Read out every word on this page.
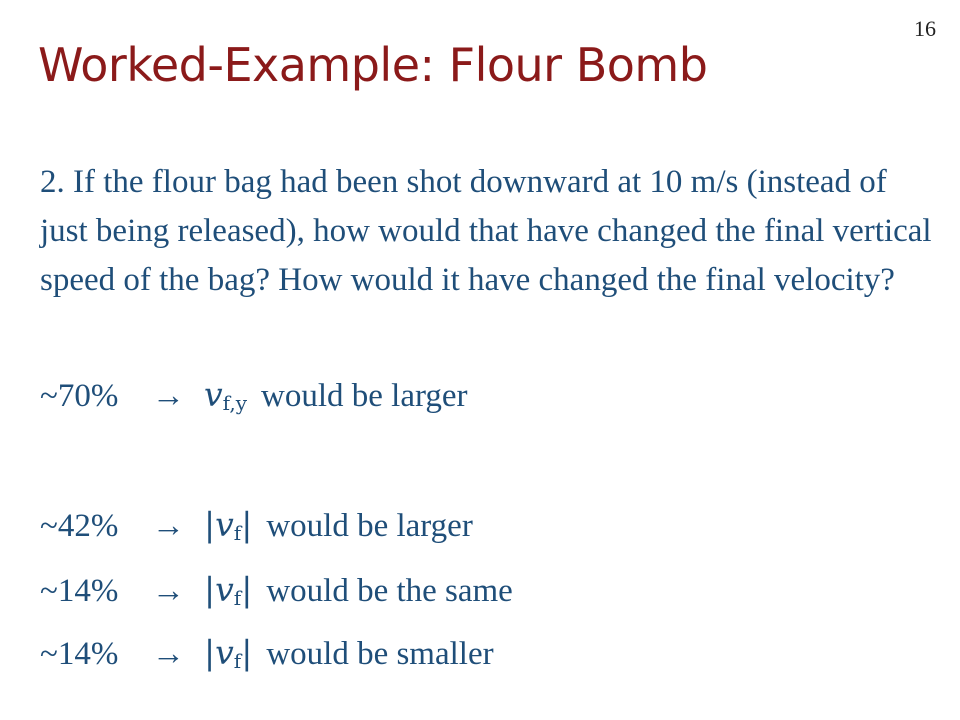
16
Worked-Example: Flour Bomb

2. If the flour bag had been shot downward at 10 m/s (instead of just being released), how would that have changed the final vertical speed of the bag? How would it have changed the final velocity?

~70% → $v_{f,y}$ would be larger
~42% → $|v_f|$ would be larger
~14% → $|v_f|$ would be the same
~14% → $|v_f|$ would be smaller
